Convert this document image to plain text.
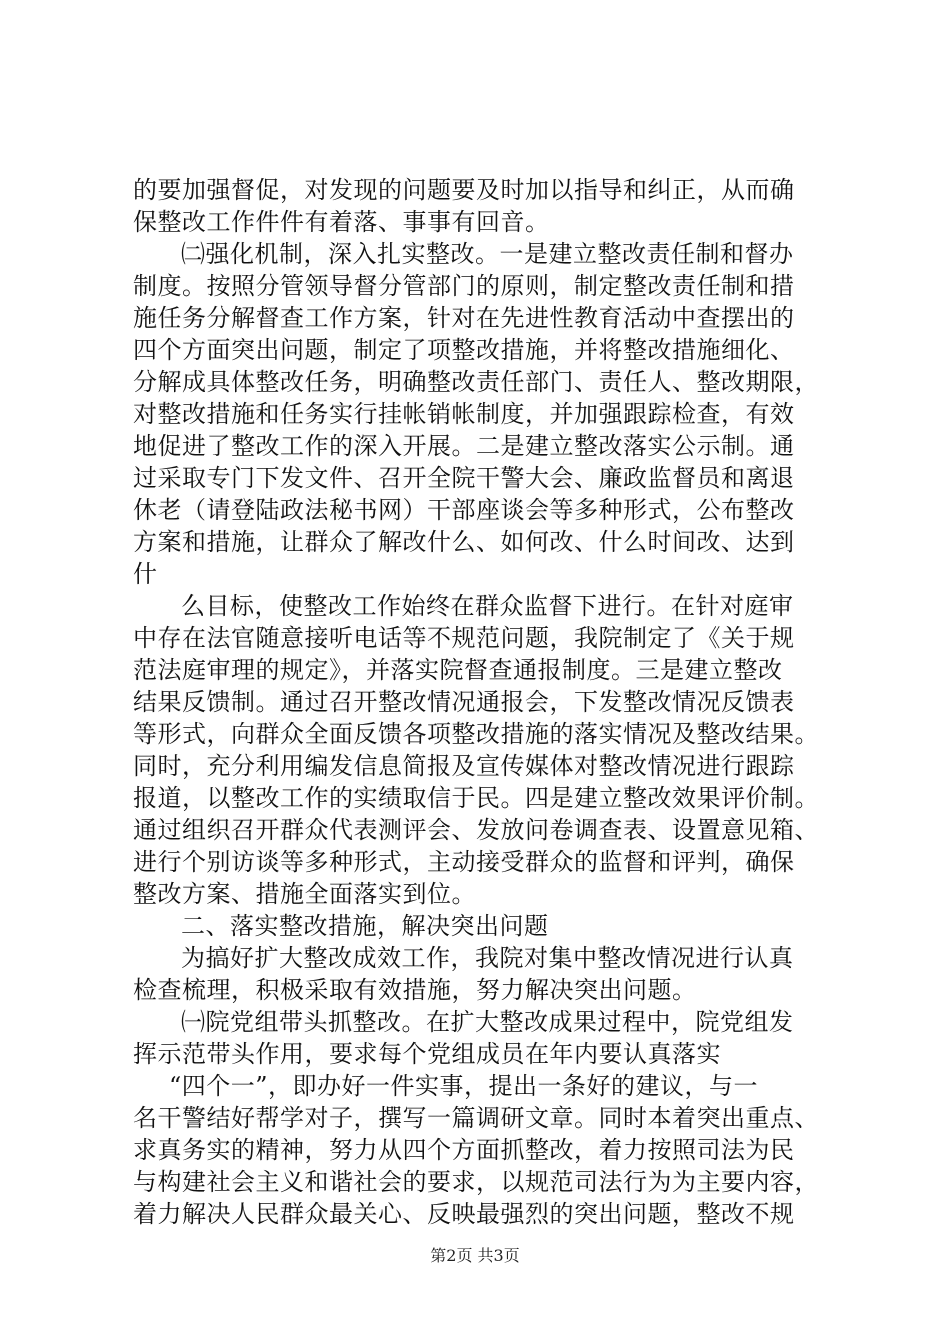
的要加强督促，对发现的问题要及时加以指导和纠正，从而确
保整改工作件件有着落、事事有回音。
㈡强化机制，深入扎实整改。一是建立整改责任制和督办
制度。按照分管领导督分管部门的原则，制定整改责任制和措
施任务分解督查工作方案，针对在先进性教育活动中查摆出的
四个方面突出问题，制定了项整改措施，并将整改措施细化、
分解成具体整改任务，明确整改责任部门、责任人、整改期限，
对整改措施和任务实行挂帐销帐制度，并加强跟踪检查，有效
地促进了整改工作的深入开展。二是建立整改落实公示制。通
过采取专门下发文件、召开全院干警大会、廉政监督员和离退
休老（请登陆政法秘书网）干部座谈会等多种形式，公布整改
方案和措施，让群众了解改什么、如何改、什么时间改、达到
什
么目标，使整改工作始终在群众监督下进行。在针对庭审
中存在法官随意接听电话等不规范问题，我院制定了《关于规
范法庭审理的规定》，并落实院督查通报制度。三是建立整改
结果反馈制。通过召开整改情况通报会，下发整改情况反馈表
等形式，向群众全面反馈各项整改措施的落实情况及整改结果。
同时，充分利用编发信息简报及宣传媒体对整改情况进行跟踪
报道，以整改工作的实绩取信于民。四是建立整改效果评价制。
通过组织召开群众代表测评会、发放问卷调查表、设置意见箱、
进行个别访谈等多种形式，主动接受群众的监督和评判，确保
整改方案、措施全面落实到位。
二、落实整改措施，解决突出问题
为搞好扩大整改成效工作，我院对集中整改情况进行认真
检查梳理，积极采取有效措施，努力解决突出问题。
㈠院党组带头抓整改。在扩大整改成果过程中，院党组发
挥示范带头作用，要求每个党组成员在年内要认真落实
“四个一”，即办好一件实事，提出一条好的建议，与一
名干警结好帮学对子，撰写一篇调研文章。同时本着突出重点、
求真务实的精神，努力从四个方面抓整改，着力按照司法为民
与构建社会主义和谐社会的要求，以规范司法行为为主要内容，
着力解决人民群众最关心、反映最强烈的突出问题，整改不规
第2页 共3页
